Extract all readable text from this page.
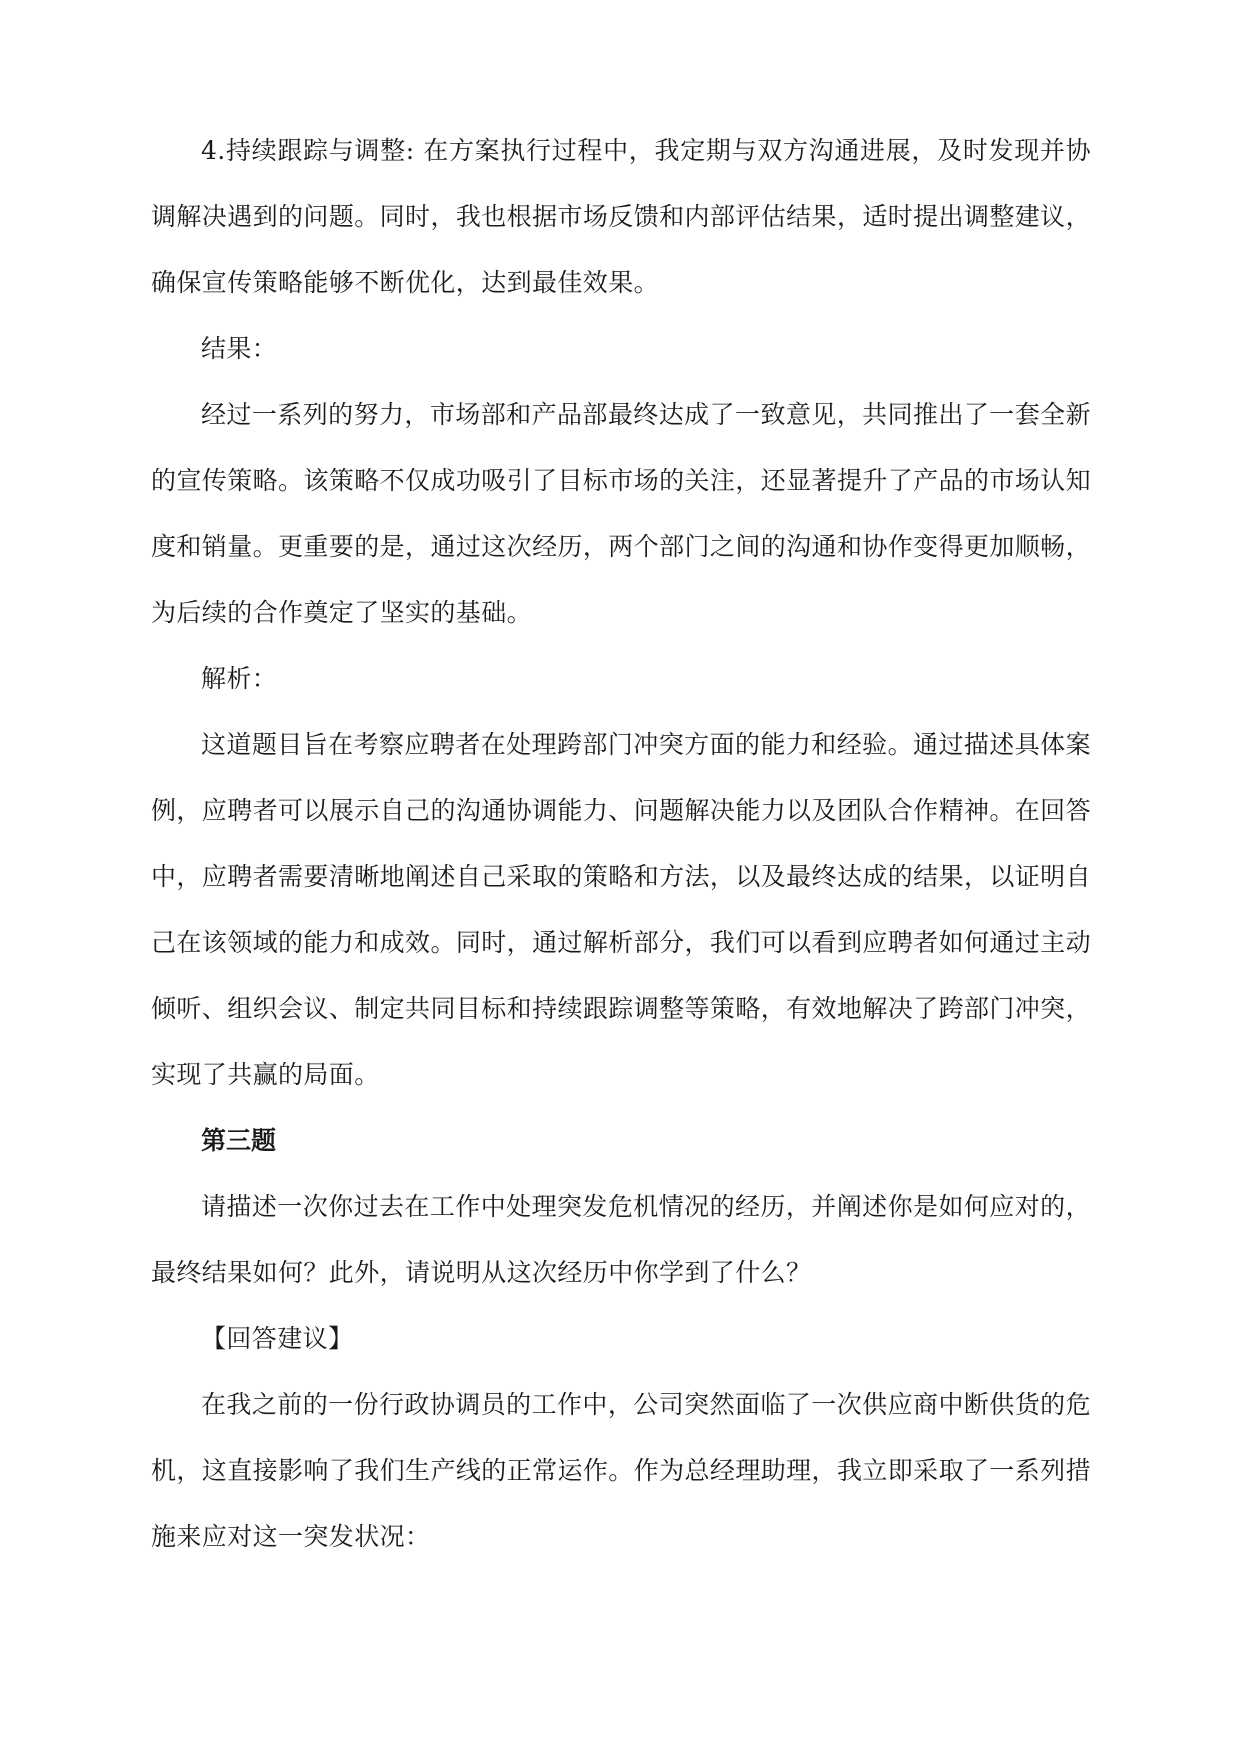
4.持续跟踪与调整: 在方案执行过程中，我定期与双方沟通进展，及时发现并协调解决遇到的问题。同时，我也根据市场反馈和内部评估结果，适时提出调整建议，确保宣传策略能够不断优化，达到最佳效果。

结果：

经过一系列的努力，市场部和产品部最终达成了一致意见，共同推出了一套全新的宣传策略。该策略不仅成功吸引了目标市场的关注，还显著提升了产品的市场认知度和销量。更重要的是，通过这次经历，两个部门之间的沟通和协作变得更加顺畅，为后续的合作奠定了坚实的基础。

解析：

这道题目旨在考察应聘者在处理跨部门冲突方面的能力和经验。通过描述具体案例，应聘者可以展示自己的沟通协调能力、问题解决能力以及团队合作精神。在回答中，应聘者需要清晰地阐述自己采取的策略和方法，以及最终达成的结果，以证明自己在该领域的能力和成效。同时，通过解析部分，我们可以看到应聘者如何通过主动倾听、组织会议、制定共同目标和持续跟踪调整等策略，有效地解决了跨部门冲突，实现了共赢的局面。

第三题

请描述一次你过去在工作中处理突发危机情况的经历，并阐述你是如何应对的，最终结果如何？此外，请说明从这次经历中你学到了什么？

【回答建议】

在我之前的一份行政协调员的工作中，公司突然面临了一次供应商中断供货的危机，这直接影响了我们生产线的正常运作。作为总经理助理，我立即采取了一系列措施来应对这一突发状况：
